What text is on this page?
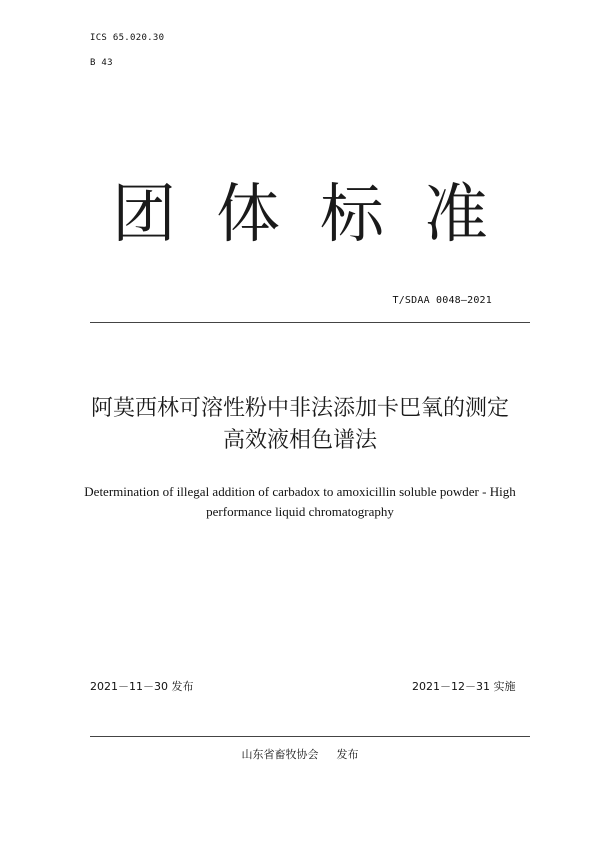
ICS 65.020.30
B 43
团 体 标 准
T/SDAA 0048—2021
阿莫西林可溶性粉中非法添加卡巴氧的测定
高效液相色谱法
Determination of illegal addition of carbadox to amoxicillin soluble powder - High
performance liquid chromatography
2021－11－30 发布	2021－12－31 实施
山东省畜牧协会 发布
